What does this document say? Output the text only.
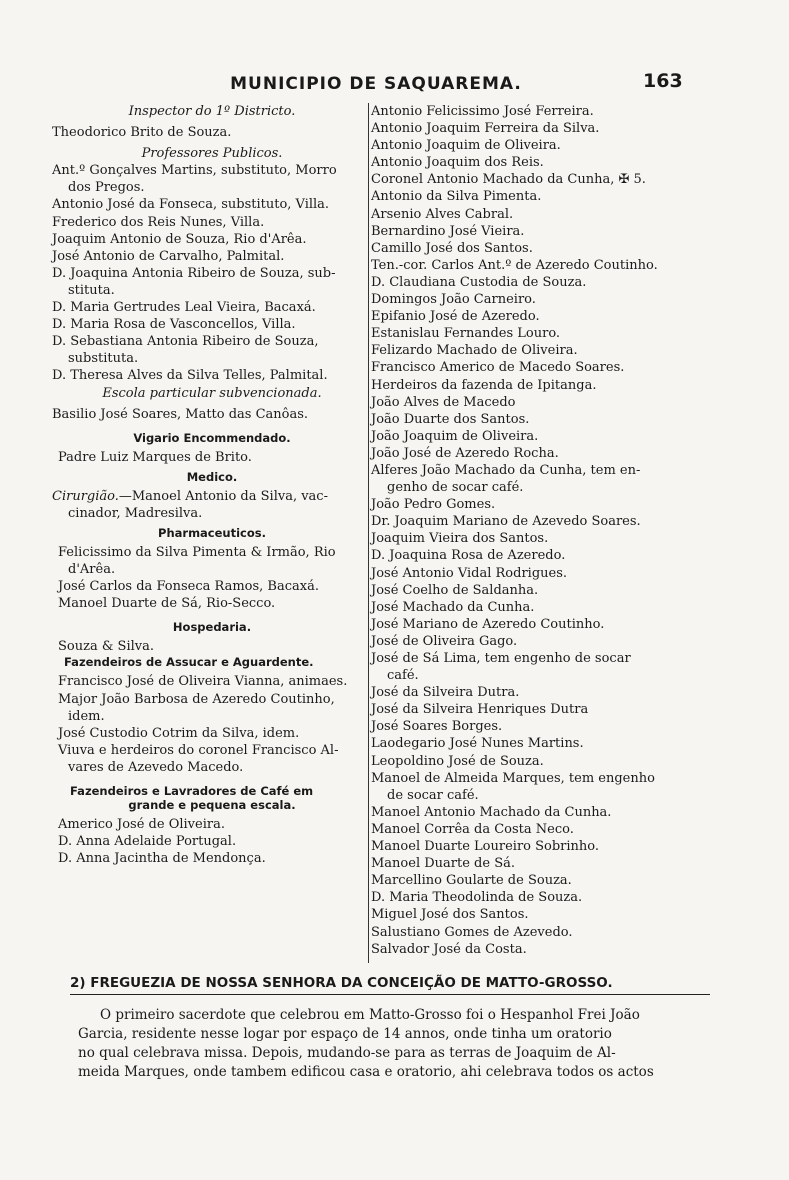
MUNICIPIO DE SAQUAREMA.	163
Inspector do 1º Districto.
Theodorico Brito de Souza.
Professores Publicos.
Ant.º Gonçalves Martins, substituto, Morro
dos Pregos.
Antonio José da Fonseca, substituto, Villa.
Frederico dos Reis Nunes, Villa.
Joaquim Antonio de Souza, Rio d'Arêa.
José Antonio de Carvalho, Palmital.
D. Joaquina Antonia Ribeiro de Souza, sub-
stituta.
D. Maria Gertrudes Leal Vieira, Bacaxá.
D. Maria Rosa de Vasconcellos, Villa.
D. Sebastiana Antonia Ribeiro de Souza,
substituta.
D. Theresa Alves da Silva Telles, Palmital.
Escola particular subvencionada.
Basilio José Soares, Matto das Canôas.
Vigario Encommendado.
Padre Luiz Marques de Brito.
Medico.
Cirurgião.—Manoel Antonio da Silva, vac-
cinador, Madresilva.
Pharmaceuticos.
Felicissimo da Silva Pimenta & Irmão, Rio
d'Arêa.
José Carlos da Fonseca Ramos, Bacaxá.
Manoel Duarte de Sá, Rio-Secco.
Hospedaria.
Souza & Silva.
Fazendeiros de Assucar e Aguardente.
Francisco José de Oliveira Vianna, animaes.
Major João Barbosa de Azeredo Coutinho,
idem.
José Custodio Cotrim da Silva, idem.
Viuva e herdeiros do coronel Francisco Al-
vares de Azevedo Macedo.
Fazendeiros e Lavradores de Café em
grande e pequena escala.
Americo José de Oliveira.
D. Anna Adelaide Portugal.
D. Anna Jacintha de Mendonça.
Antonio Felicissimo José Ferreira.
Antonio Joaquim Ferreira da Silva.
Antonio Joaquim de Oliveira.
Antonio Joaquim dos Reis.
Coronel Antonio Machado da Cunha, ✠ 5.
Antonio da Silva Pimenta.
Arsenio Alves Cabral.
Bernardino José Vieira.
Camillo José dos Santos.
Ten.-cor. Carlos Ant.º de Azeredo Coutinho.
D. Claudiana Custodia de Souza.
Domingos João Carneiro.
Epifanio José de Azeredo.
Estanislau Fernandes Louro.
Felizardo Machado de Oliveira.
Francisco Americo de Macedo Soares.
Herdeiros da fazenda de Ipitanga.
João Alves de Macedo
João Duarte dos Santos.
João Joaquim de Oliveira.
João José de Azeredo Rocha.
Alferes João Machado da Cunha, tem en-
genho de socar café.
João Pedro Gomes.
Dr. Joaquim Mariano de Azevedo Soares.
Joaquim Vieira dos Santos.
D. Joaquina Rosa de Azeredo.
José Antonio Vidal Rodrigues.
José Coelho de Saldanha.
José Machado da Cunha.
José Mariano de Azeredo Coutinho.
José de Oliveira Gago.
José de Sá Lima, tem engenho de socar
café.
José da Silveira Dutra.
José da Silveira Henriques Dutra
José Soares Borges.
Laodegario José Nunes Martins.
Leopoldino José de Souza.
Manoel de Almeida Marques, tem engenho
de socar café.
Manoel Antonio Machado da Cunha.
Manoel Corrêa da Costa Neco.
Manoel Duarte Loureiro Sobrinho.
Manoel Duarte de Sá.
Marcellino Goularte de Souza.
D. Maria Theodolinda de Souza.
Miguel José dos Santos.
Salustiano Gomes de Azevedo.
Salvador José da Costa.
2) FREGUEZIA DE NOSSA SENHORA DA CONCEIÇÃO DE MATTO-GROSSO.
O primeiro sacerdote que celebrou em Matto-Grosso foi o Hespanhol Frei João
Garcia, residente nesse logar por espaço de 14 annos, onde tinha um oratorio
no qual celebrava missa. Depois, mudando-se para as terras de Joaquim de Al-
meida Marques, onde tambem edificou casa e oratorio, ahi celebrava todos os actos
